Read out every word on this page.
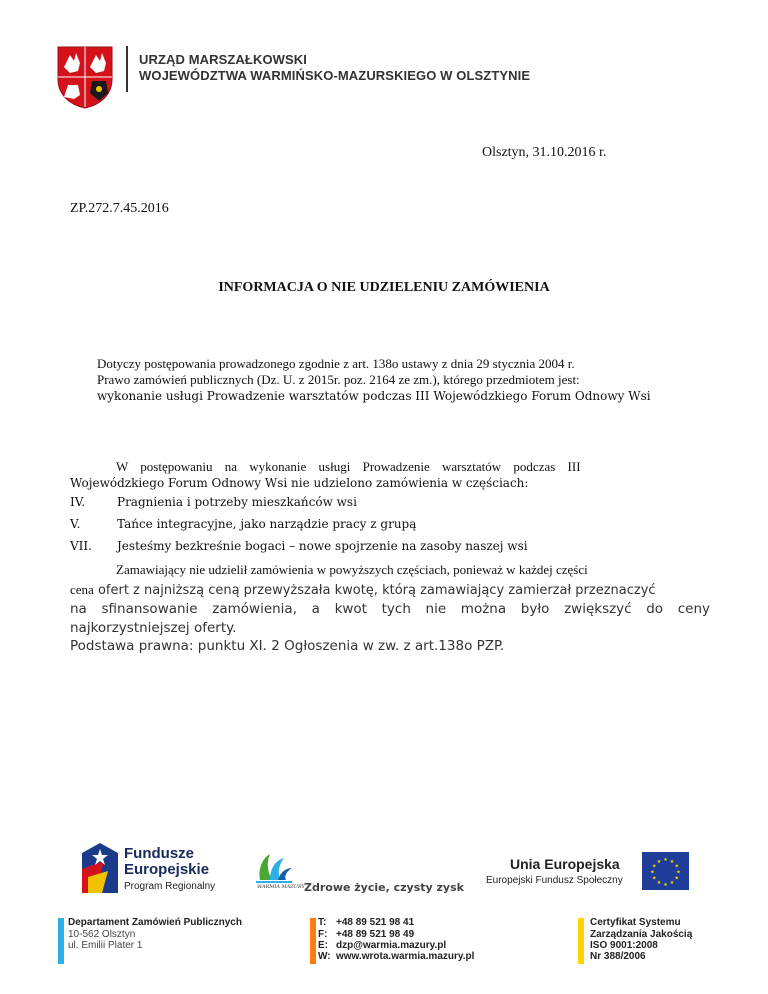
URZĄD MARSZAŁKOWSKI
WOJEWÓDZTWA WARMIŃSKO-MAZURSKIEGO W OLSZTYNIE
Olsztyn, 31.10.2016 r.
ZP.272.7.45.2016
INFORMACJA O NIE UDZIELENIU ZAMÓWIENIA
Dotyczy postępowania prowadzonego zgodnie z art. 138o ustawy z dnia 29 stycznia 2004 r.
Prawo zamówień publicznych (Dz. U. z 2015r. poz. 2164 ze zm.), którego przedmiotem jest:
wykonanie usługi Prowadzenie warsztatów podczas III Wojewódzkiego Forum Odnowy Wsi
W postępowaniu na wykonanie usługi Prowadzenie warsztatów podczas III
Wojewódzkiego Forum Odnowy Wsi nie udzielono zamówienia w częściach:
IV.	Pragnienia i potrzeby mieszkańców wsi
V.	Tańce integracyjne, jako narządzie pracy z grupą
VII. Jesteśmy bezkreśnie bogaci – nowe spojrzenie na zasoby naszej wsi
Zamawiający nie udzielił zamówienia w powyższych częściach, ponieważ w każdej części
cena ofert z najniższą ceną przewyższała kwotę, którą zamawiający zamierzał przeznaczyć
na sfinansowanie zamówienia, a kwot tych nie można było zwiększyć do ceny
najkorzystniejszej oferty.
Podstawa prawna: punktu XI. 2 Ogłoszenia w zw. z art.138o PZP.
Fundusze
Europejskie
Program Regionalny	WARMIA MAZURY Zdrowe życie, czysty zysk
Unia Europejska
Europejski Fundusz Społeczny
★ ★
★
★
★
★
★
★
★
★
★
★
Departament Zamówień Publicznych
10-562 Olsztyn
ul. Emilii Plater 1
T: +48 89 521 98 41
F: +48 89 521 98 49
E: dzp@warmia.mazury.pl
W: www.wrota.warmia.mazury.pl
Certyfikat Systemu
Zarządzania Jakością
ISO 9001:2008
Nr 388/2006
